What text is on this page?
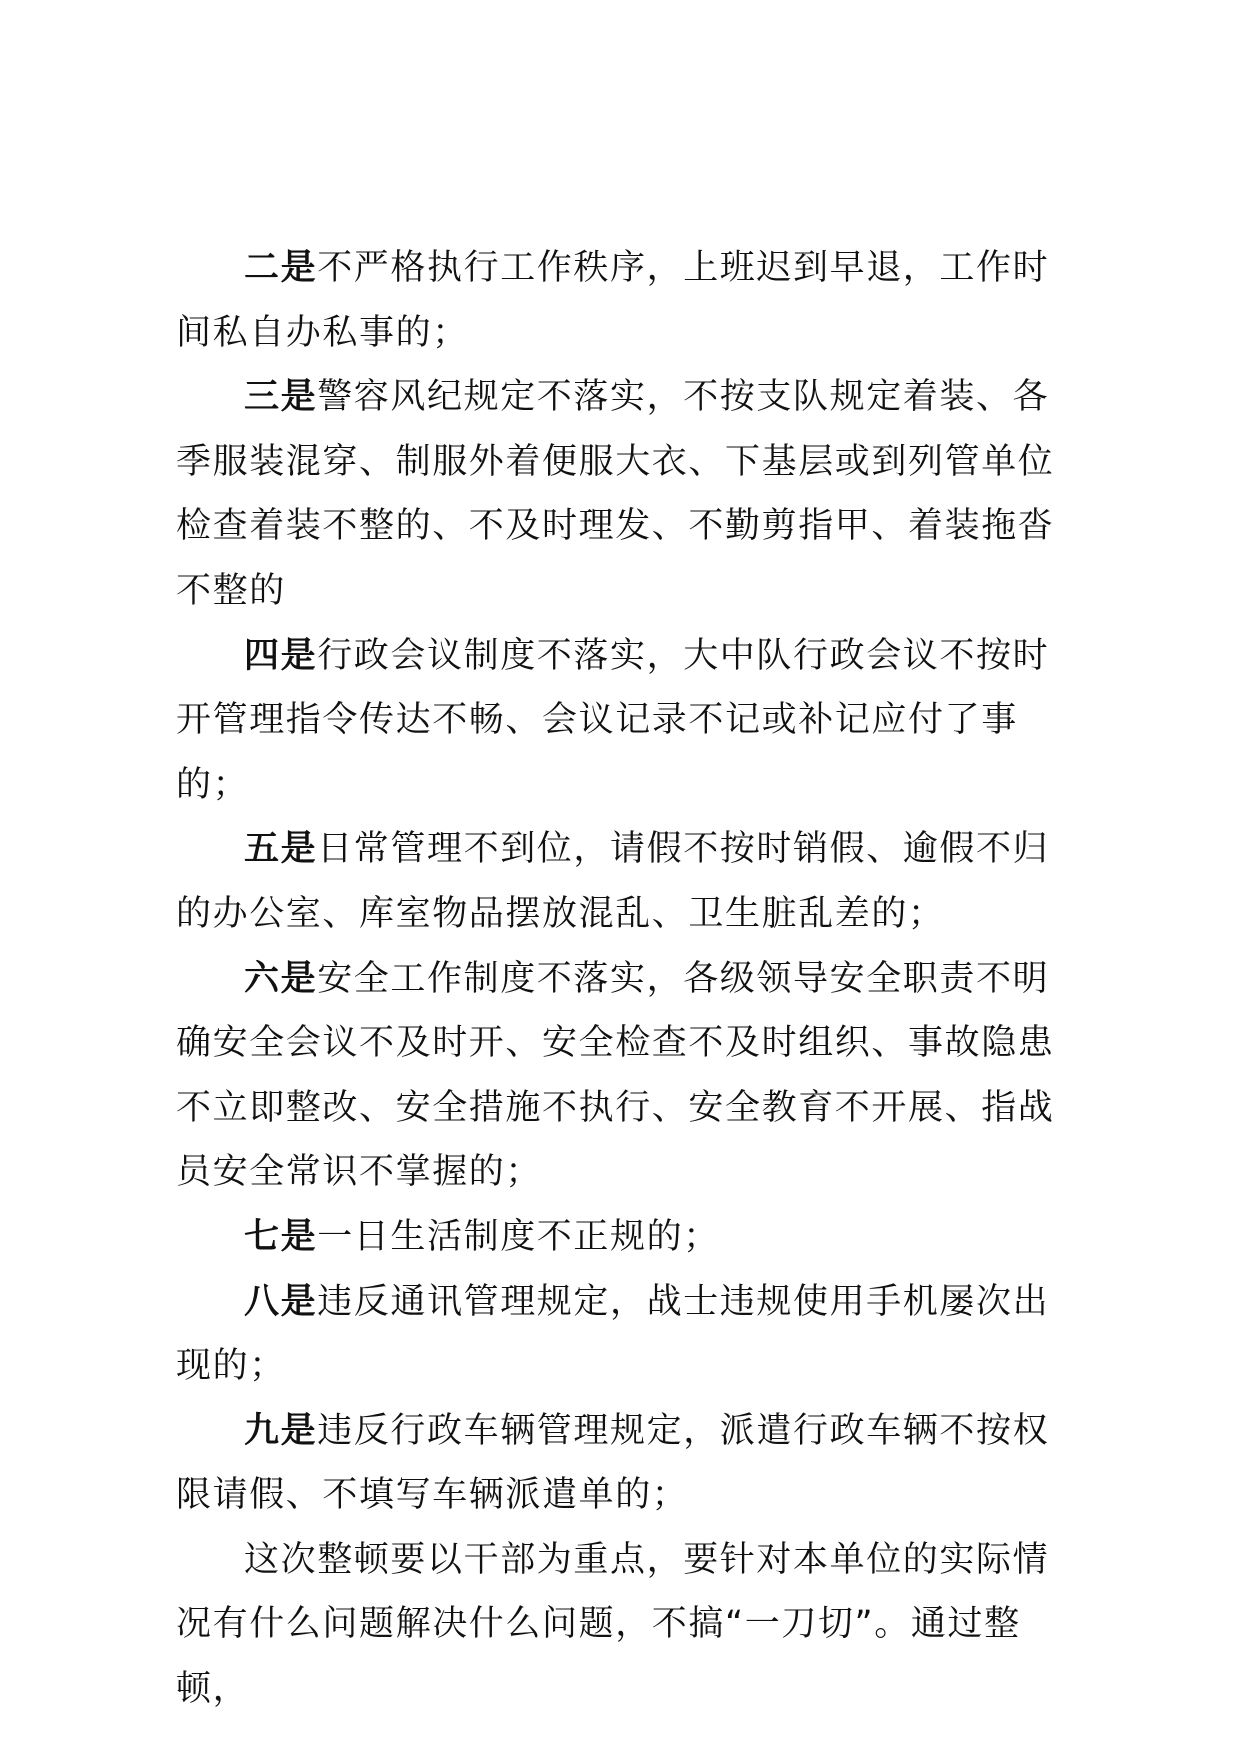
二是不严格执行工作秩序，上班迟到早退，工作时间私自办私事的；

三是警容风纪规定不落实，不按支队规定着装、各季服装混穿、制服外着便服大衣、下基层或到列管单位检查着装不整的、不及时理发、不勤剪指甲、着装拖沓不整的

四是行政会议制度不落实，大中队行政会议不按时开管理指令传达不畅、会议记录不记或补记应付了事的；

五是日常管理不到位，请假不按时销假、逾假不归的办公室、库室物品摆放混乱、卫生脏乱差的；

六是安全工作制度不落实，各级领导安全职责不明确安全会议不及时开、安全检查不及时组织、事故隐患不立即整改、安全措施不执行、安全教育不开展、指战员安全常识不掌握的；

七是一日生活制度不正规的；

八是违反通讯管理规定，战士违规使用手机屡次出现的；

九是违反行政车辆管理规定，派遣行政车辆不按权限请假、不填写车辆派遣单的；

这次整顿要以干部为重点，要针对本单位的实际情况有什么问题解决什么问题，不搞“一刀切”。通过整顿，
